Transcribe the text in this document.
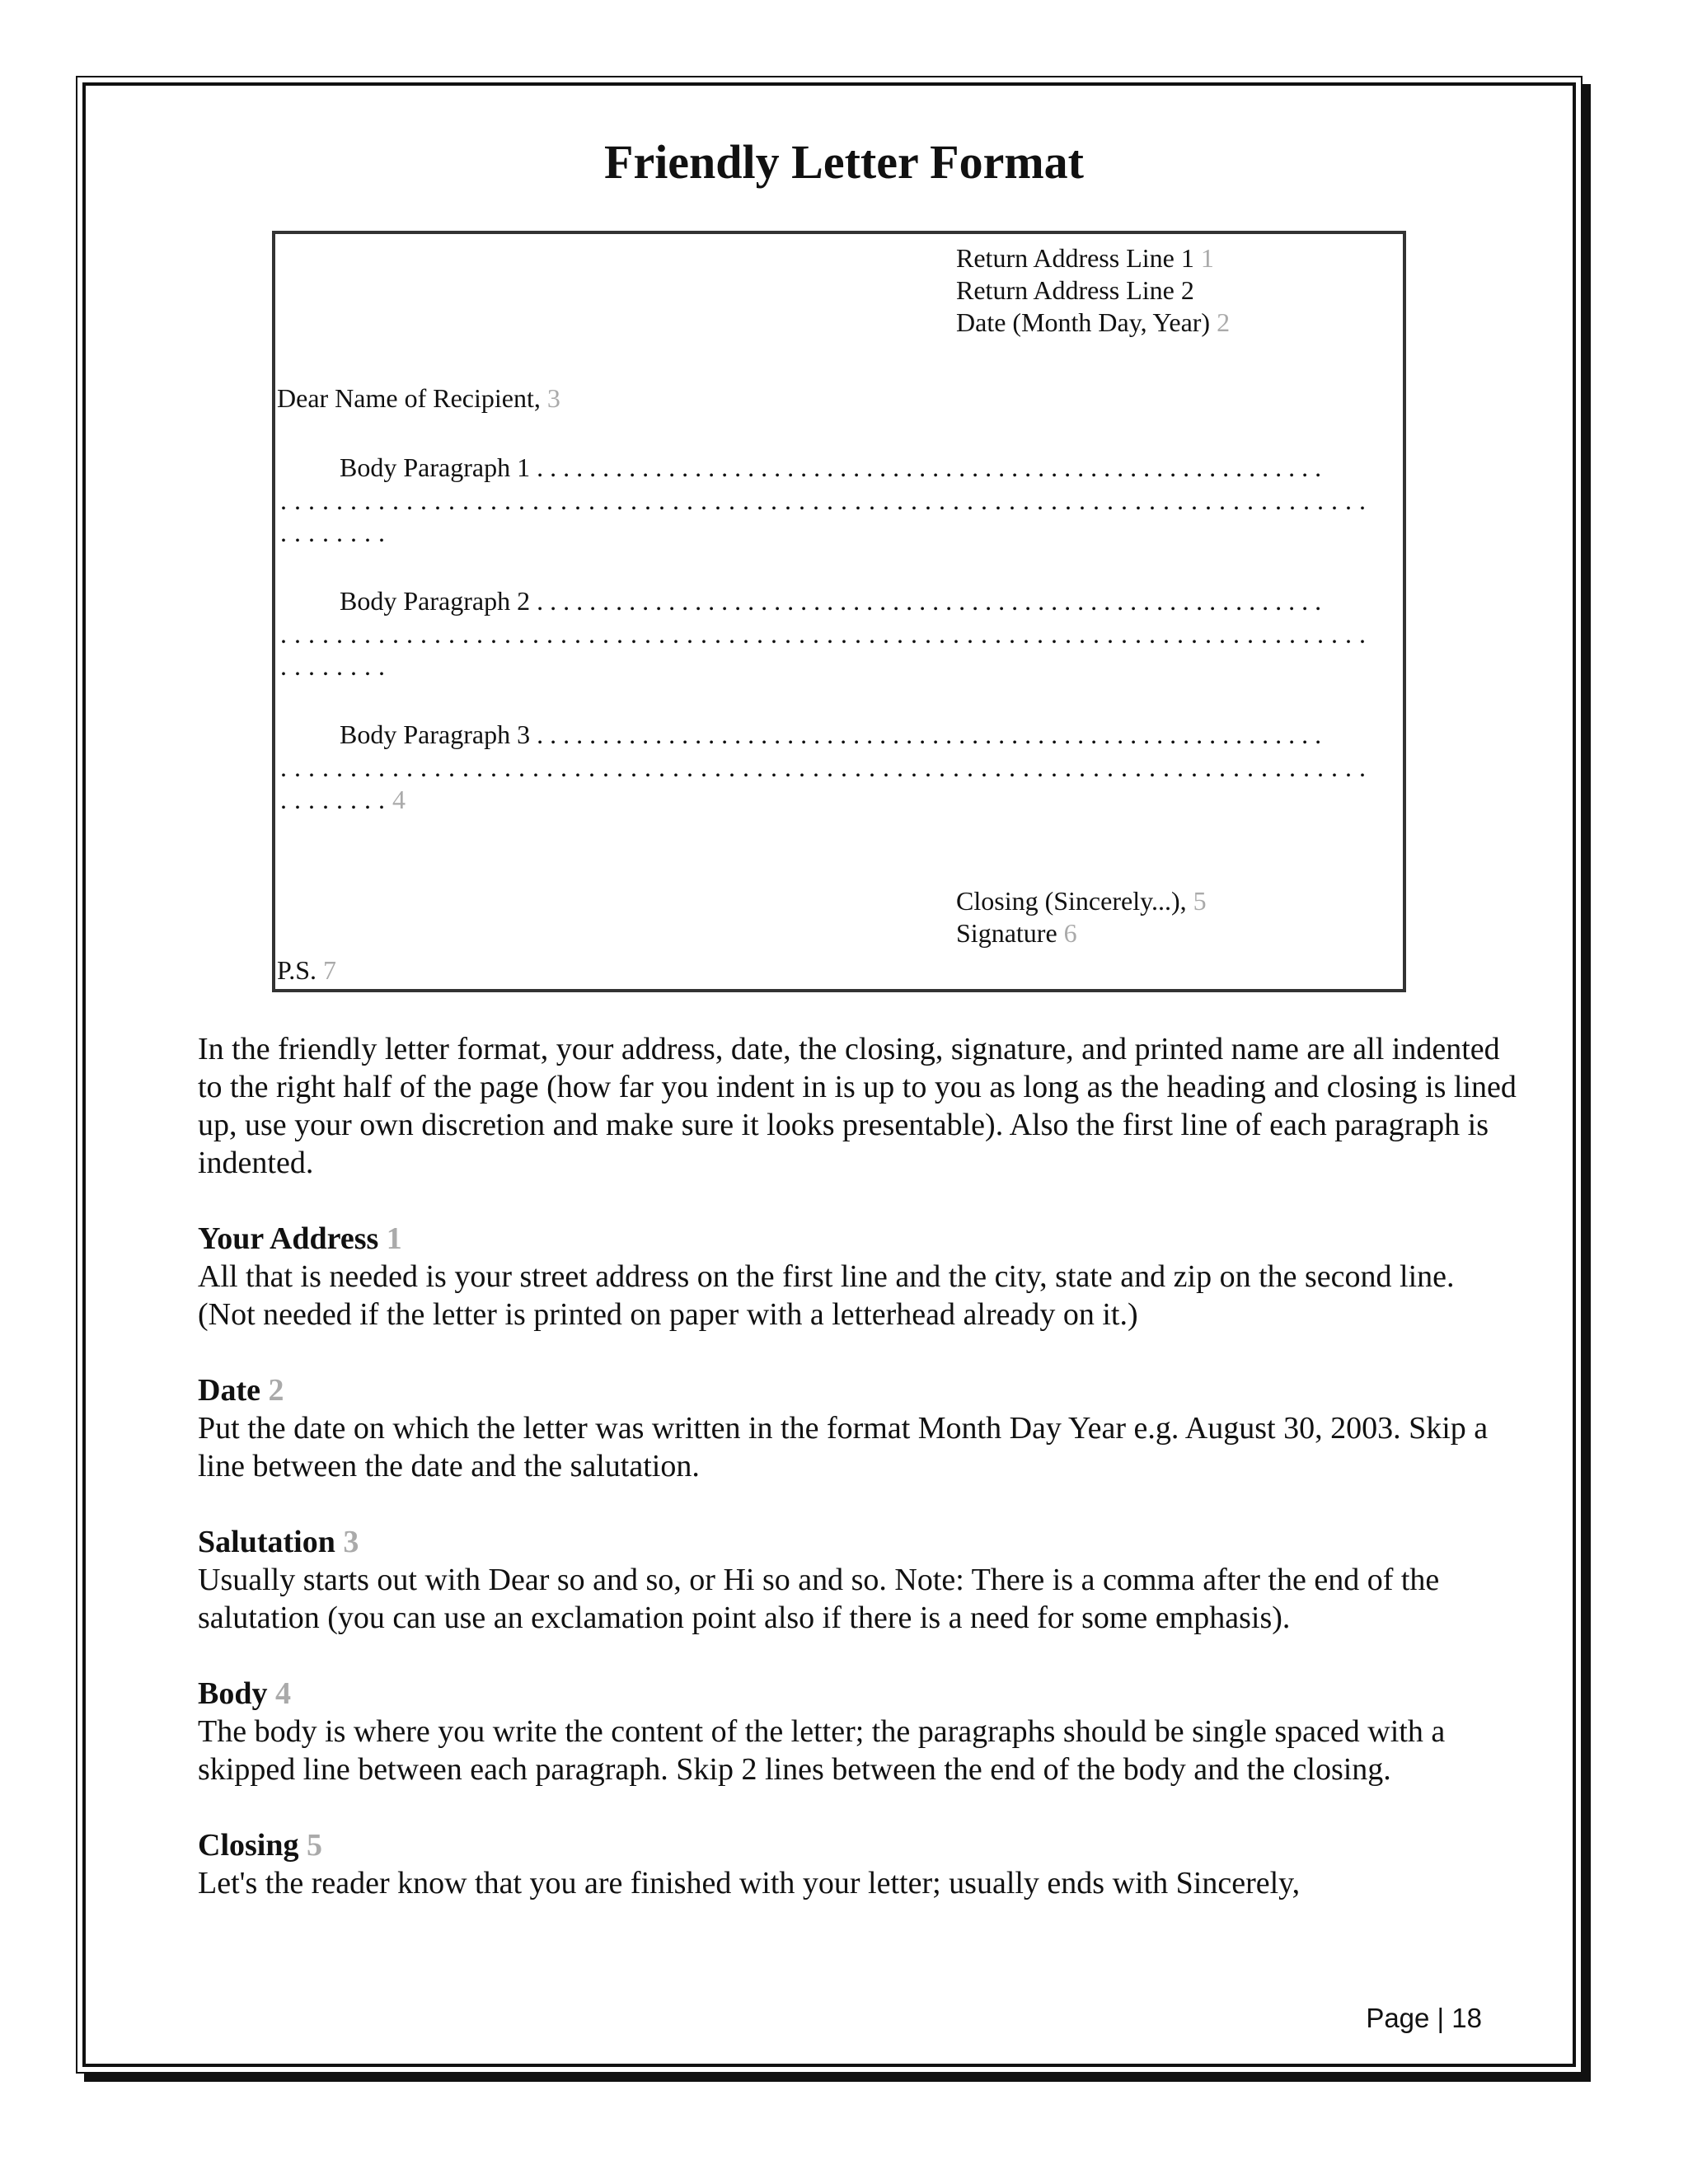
Friendly Letter Format
Return Address Line 1 1
Return Address Line 2
Date (Month Day, Year) 2
Dear Name of Recipient, 3
Body Paragraph 1 . . . . . . . . . . . . . . . . . . . . . . . . . . . . . . . . . . . . . . . . . . . . . . . . . . . . . . . . . . . .
. . . . . . . . . . . . . . . . . . . . . . . . . . . . . . . . . . . . . . . . . . . . . . . . . . . . . . . . . . . . . . . . . . . . . . . . . . . . . .
. . . . . . . .
Body Paragraph 2 . . . . . . . . . . . . . . . . . . . . . . . . . . . . . . . . . . . . . . . . . . . . . . . . . . . . . . . . . . . .
. . . . . . . . . . . . . . . . . . . . . . . . . . . . . . . . . . . . . . . . . . . . . . . . . . . . . . . . . . . . . . . . . . . . . . . . . . . . . .
. . . . . . . .
Body Paragraph 3 . . . . . . . . . . . . . . . . . . . . . . . . . . . . . . . . . . . . . . . . . . . . . . . . . . . . . . . . . . . .
. . . . . . . . . . . . . . . . . . . . . . . . . . . . . . . . . . . . . . . . . . . . . . . . . . . . . . . . . . . . . . . . . . . . . . . . . . . . . .
. . . . . . . . 4
Closing (Sincerely...), 5
Signature 6
P.S. 7

In the friendly letter format, your address, date, the closing, signature, and printed name are all indented to the right half of the page (how far you indent in is up to you as long as the heading and closing is lined up, use your own discretion and make sure it looks presentable). Also the first line of each paragraph is indented.

Your Address 1
All that is needed is your street address on the first line and the city, state and zip on the second line. (Not needed if the letter is printed on paper with a letterhead already on it.)

Date 2
Put the date on which the letter was written in the format Month Day Year e.g. August 30, 2003. Skip a line between the date and the salutation.

Salutation 3
Usually starts out with Dear so and so, or Hi so and so. Note: There is a comma after the end of the salutation (you can use an exclamation point also if there is a need for some emphasis).

Body 4
The body is where you write the content of the letter; the paragraphs should be single spaced with a skipped line between each paragraph. Skip 2 lines between the end of the body and the closing.

Closing 5
Let's the reader know that you are finished with your letter; usually ends with Sincerely,

Page | 18
